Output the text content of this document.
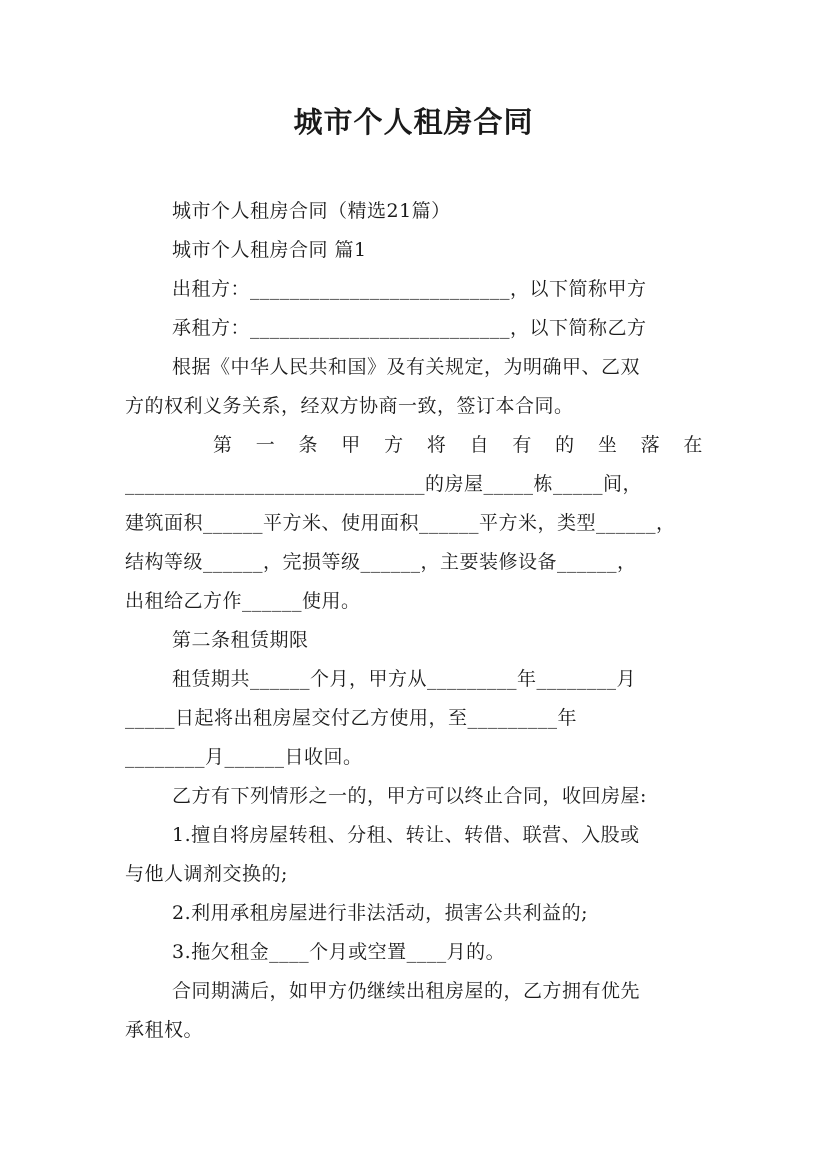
城市个人租房合同
城市个人租房合同（精选21篇）
城市个人租房合同 篇1
出租方：__________________________，以下简称甲方
承租方：__________________________，以下简称乙方
根据《中华人民共和国》及有关规定，为明确甲、乙双
方的权利义务关系，经双方协商一致，签订本合同。
第 一 条 甲 方 将 自 有 的 坐 落 在
______________________________的房屋_____栋_____间，
建筑面积______平方米、使用面积______平方米，类型______，
结构等级______，完损等级______，主要装修设备______，
出租给乙方作______使用。
第二条租赁期限
租赁期共______个月，甲方从_________年________月
_____日起将出租房屋交付乙方使用，至_________年
________月______日收回。
乙方有下列情形之一的，甲方可以终止合同，收回房屋:
1.擅自将房屋转租、分租、转让、转借、联营、入股或
与他人调剂交换的;
2.利用承租房屋进行非法活动，损害公共利益的;
3.拖欠租金____个月或空置____月的。
合同期满后，如甲方仍继续出租房屋的，乙方拥有优先
承租权。
